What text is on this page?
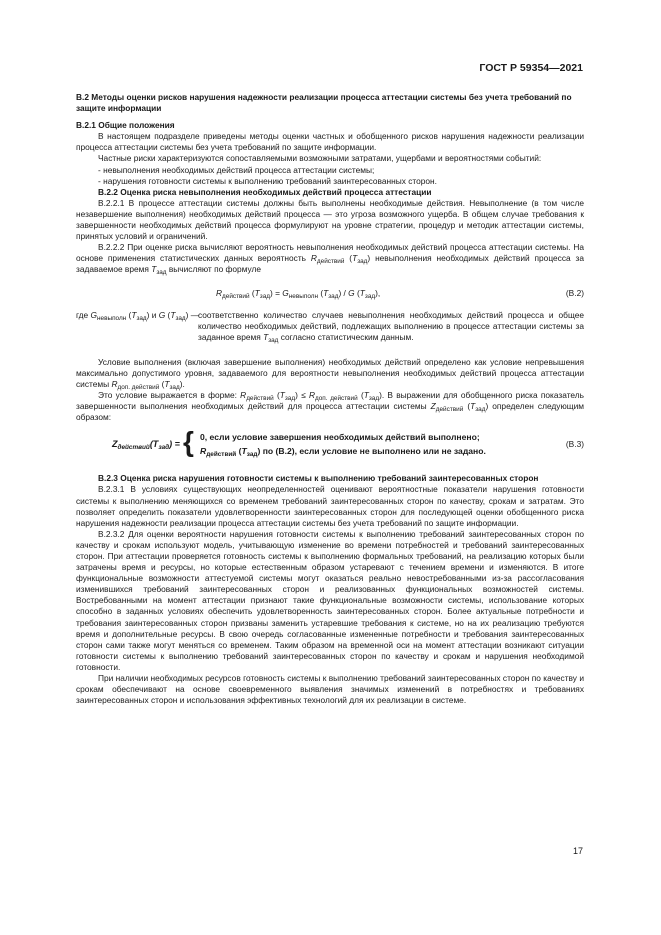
ГОСТ Р 59354—2021

В.2 Методы оценки рисков нарушения надежности реализации процесса аттестации системы без учета требований по защите информации

В.2.1 Общие положения

В настоящем подразделе приведены методы оценки частных и обобщенного рисков нарушения надежности реализации процесса аттестации системы без учета требований по защите информации.

Частные риски характеризуются сопоставляемыми возможными затратами, ущербами и вероятностями событий:

- невыполнения необходимых действий процесса аттестации системы;

- нарушения готовности системы к выполнению требований заинтересованных сторон.

В.2.2 Оценка риска невыполнения необходимых действий процесса аттестации

В.2.2.1 В процессе аттестации системы должны быть выполнены необходимые действия. Невыполнение (в том числе незавершение выполнения) необходимых действий процесса — это угроза возможного ущерба. В общем случае требования к завершенности необходимых действий процесса формулируют на уровне стратегии, процедур и методик аттестации системы, принятых условий и ограничений.

В.2.2.2 При оценке риска вычисляют вероятность невыполнения необходимых действий процесса аттестации системы. На основе применения статистических данных вероятность $R_{действий}$ $(T_{зад})$ невыполнения необходимых действий процесса за задаваемое время $T_{зад}$ вычисляют по формуле

$R_{действий}$ $(T_{зад}) = G_{невыполн}$ $(T_{зад})$ / G $(T_{зад})$,	(В.2)
где $G_{невыполн}$ $(T_{зад})$ и G $(T_{зад})$ —
соответственно количество случаев невыполнения необходимых действий процесса и общее количество необходимых действий, подлежащих выполнению в процессе аттестации системы за заданное время $T_{зад}$ согласно статистическим данным.

Условие выполнения (включая завершение выполнения) необходимых действий определено как условие непревышения максимально допустимого уровня, задаваемого для вероятности невыполнения необходимых действий процесса аттестации системы $R_{доп. действий}$ $(T_{зад})$.

Это условие выражается в форме: $R_{действий}$ $(T_{зад}) \le R_{доп. действий}$ $(T_{зад})$. В выражении для обобщенного риска показатель завершенности выполнения необходимых действий для процесса аттестации системы $Z_{действий}$ $(T_{зад})$ определен следующим образом:

$Z_{действий}(T_{зад})$ = { 0, если условие завершения необходимых действий выполнено;
$R_{действий}$ $(T_{зад})$ по (В.2), если условие не выполнено или не задано.
(В.3)

В.2.3 Оценка риска нарушения готовности системы к выполнению требований заинтересованных сторон

В.2.3.1 В условиях существующих неопределенностей оценивают вероятностные показатели нарушения готовности системы к выполнению меняющихся со временем требований заинтересованных сторон по качеству, срокам и затратам. Это позволяет определить показатели удовлетворенности заинтересованных сторон для последующей оценки обобщенного риска нарушения надежности реализации процесса аттестации системы без учета требований по защите информации.

В.2.3.2 Для оценки вероятности нарушения готовности системы к выполнению требований заинтересованных сторон по качеству и срокам используют модель, учитывающую изменение во времени потребностей и требований заинтересованных сторон. При аттестации проверяется готовность системы к выполнению формальных требований, на реализацию которых были затрачены время и ресурсы, но которые естественным образом устаревают с течением времени и изменяются. В итоге функциональные возможности аттестуемой системы могут оказаться реально невостребованными из-за рассогласования изменившихся требований заинтересованных сторон и реализованных функциональных возможностей системы. Востребованными на момент аттестации признают такие функциональные возможности системы, использование которых способно в заданных условиях обеспечить удовлетворенность заинтересованных сторон. Более актуальные потребности и требования заинтересованных сторон призваны заменить устаревшие требования к системе, но на их реализацию требуются время и дополнительные ресурсы. В свою очередь согласованные измененные потребности и требования заинтересованных сторон сами также могут меняться со временем. Таким образом на временной оси на момент аттестации возникают ситуации готовности системы к выполнению требований заинтересованных сторон по качеству и срокам и нарушения необходимой готовности.

При наличии необходимых ресурсов готовность системы к выполнению требований заинтересованных сторон по качеству и срокам обеспечивают на основе своевременного выявления значимых изменений в потребностях и требованиях заинтересованных сторон и использования эффективных технологий для их реализации в системе.

17
